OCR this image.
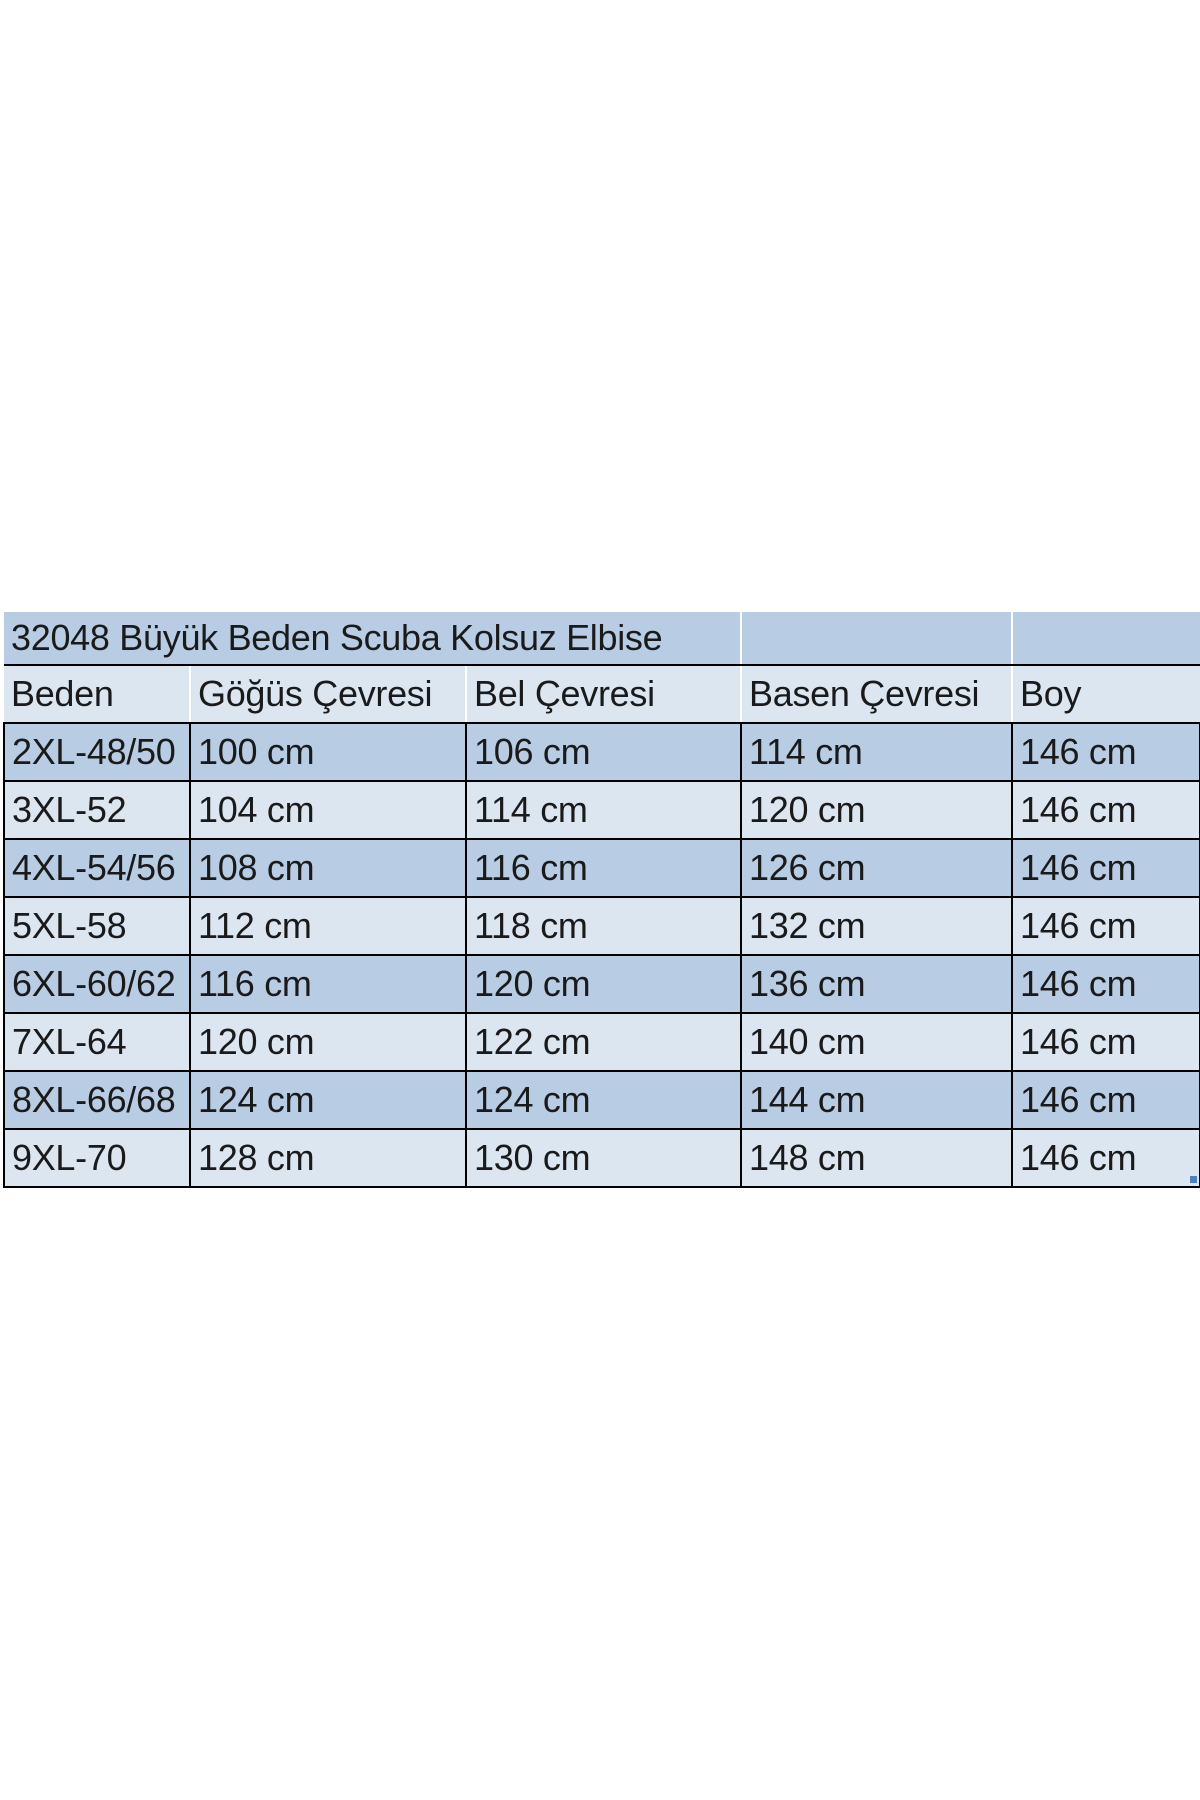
32048 Büyük Beden Scuba Kolsuz Elbise				
Beden	Göğüs Çevresi	Bel Çevresi	Basen Çevresi	Boy
2XL-48/50	100 cm	106 cm	114 cm	146 cm
3XL-52	104 cm	114 cm	120 cm	146 cm
4XL-54/56	108 cm	116 cm	126 cm	146 cm
5XL-58	112 cm	118 cm	132 cm	146 cm
6XL-60/62	116 cm	120 cm	136 cm	146 cm
7XL-64	120 cm	122 cm	140 cm	146 cm
8XL-66/68	124 cm	124 cm	144 cm	146 cm
9XL-70	128 cm	130 cm	148 cm	146 cm
